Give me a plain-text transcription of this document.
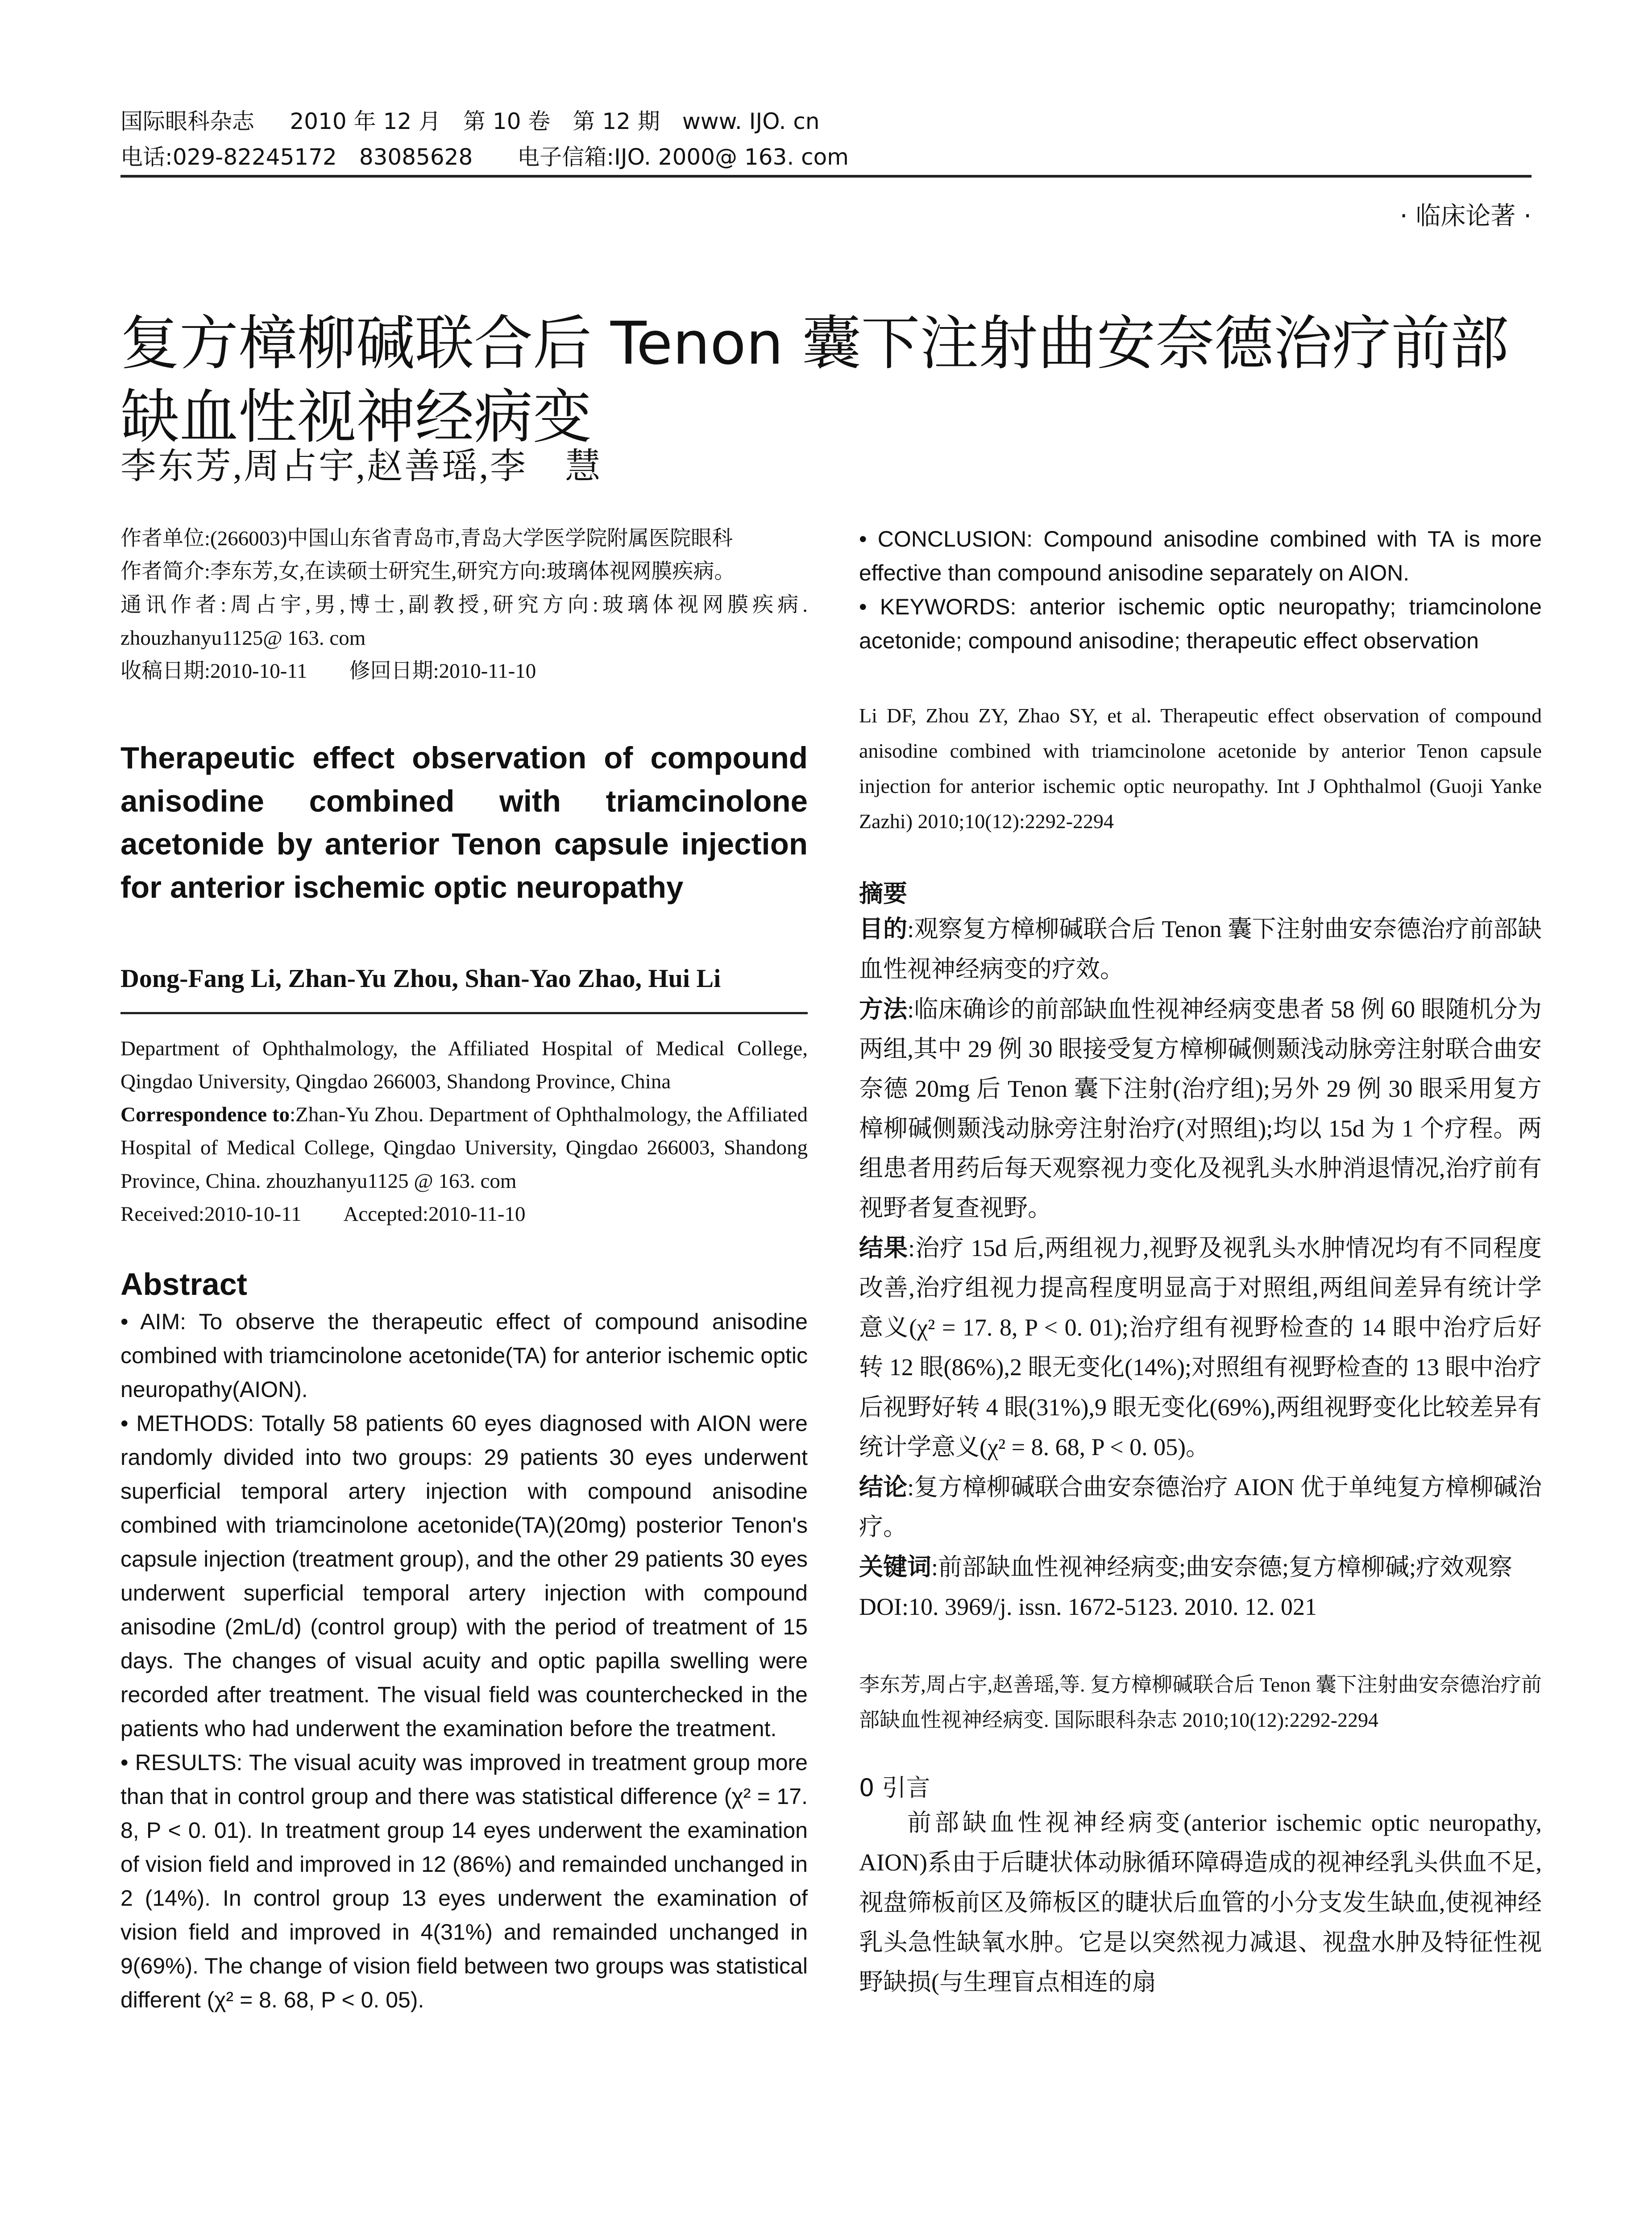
国际眼科杂志 2010 年 12 月　第 10 卷　第 12 期　www. IJO. cn
电话:029-82245172　83085628　　电子信箱:IJO. 2000@ 163. com
· 临床论著 ·
复方樟柳碱联合后 Tenon 囊下注射曲安奈德治疗前部缺血性视神经病变
李东芳,周占宇,赵善瑶,李　慧

作者单位:(266003)中国山东省青岛市,青岛大学医学院附属医院眼科

作者简介:李东芳,女,在读硕士研究生,研究方向:玻璃体视网膜疾病。

通讯作者:周占宇,男,博士,副教授,研究方向:玻璃体视网膜疾病. zhouzhanyu1125@ 163. com

收稿日期:2010-10-11　　修回日期:2010-11-10

Therapeutic effect observation of compound anisodine combined with triamcinolone acetonide by anterior Tenon capsule injection for anterior ischemic optic neuropathy

Dong-Fang Li, Zhan-Yu Zhou, Shan-Yao Zhao, Hui Li

Department of Ophthalmology, the Affiliated Hospital of Medical College, Qingdao University, Qingdao 266003, Shandong Province, China

Correspondence to:Zhan-Yu Zhou. Department of Ophthalmology, the Affiliated Hospital of Medical College, Qingdao University, Qingdao 266003, Shandong Province, China. zhouzhanyu1125 @ 163. com

Received:2010-10-11　　Accepted:2010-11-10

Abstract

• AIM: To observe the therapeutic effect of compound anisodine combined with triamcinolone acetonide(TA) for anterior ischemic optic neuropathy(AION).

• METHODS: Totally 58 patients 60 eyes diagnosed with AION were randomly divided into two groups: 29 patients 30 eyes underwent superficial temporal artery injection with compound anisodine combined with triamcinolone acetonide(TA)(20mg) posterior Tenon's capsule injection (treatment group), and the other 29 patients 30 eyes underwent superficial temporal artery injection with compound anisodine (2mL/d) (control group) with the period of treatment of 15 days. The changes of visual acuity and optic papilla swelling were recorded after treatment. The visual field was counterchecked in the patients who had underwent the examination before the treatment.

• RESULTS: The visual acuity was improved in treatment group more than that in control group and there was statistical difference (χ² = 17. 8, P < 0. 01). In treatment group 14 eyes underwent the examination of vision field and improved in 12 (86%) and remainded unchanged in 2 (14%). In control group 13 eyes underwent the examination of vision field and improved in 4(31%) and remainded unchanged in 9(69%). The change of vision field between two groups was statistical different (χ² = 8. 68, P < 0. 05).

• CONCLUSION: Compound anisodine combined with TA is more effective than compound anisodine separately on AION.

• KEYWORDS: anterior ischemic optic neuropathy; triamcinolone acetonide; compound anisodine; therapeutic effect observation

Li DF, Zhou ZY, Zhao SY, et al. Therapeutic effect observation of compound anisodine combined with triamcinolone acetonide by anterior Tenon capsule injection for anterior ischemic optic neuropathy. Int J Ophthalmol (Guoji Yanke Zazhi) 2010;10(12):2292-2294

摘要

目的:观察复方樟柳碱联合后 Tenon 囊下注射曲安奈德治疗前部缺血性视神经病变的疗效。

方法:临床确诊的前部缺血性视神经病变患者 58 例 60 眼随机分为两组,其中 29 例 30 眼接受复方樟柳碱侧颞浅动脉旁注射联合曲安奈德 20mg 后 Tenon 囊下注射(治疗组);另外 29 例 30 眼采用复方樟柳碱侧颞浅动脉旁注射治疗(对照组);均以 15d 为 1 个疗程。两组患者用药后每天观察视力变化及视乳头水肿消退情况,治疗前有视野者复查视野。

结果:治疗 15d 后,两组视力,视野及视乳头水肿情况均有不同程度改善,治疗组视力提高程度明显高于对照组,两组间差异有统计学意义(χ² = 17. 8, P < 0. 01);治疗组有视野检查的 14 眼中治疗后好转 12 眼(86%),2 眼无变化(14%);对照组有视野检查的 13 眼中治疗后视野好转 4 眼(31%),9 眼无变化(69%),两组视野变化比较差异有统计学意义(χ² = 8. 68, P < 0. 05)。

结论:复方樟柳碱联合曲安奈德治疗 AION 优于单纯复方樟柳碱治疗。

关键词:前部缺血性视神经病变;曲安奈德;复方樟柳碱;疗效观察

DOI:10. 3969/j. issn. 1672-5123. 2010. 12. 021

李东芳,周占宇,赵善瑶,等. 复方樟柳碱联合后 Tenon 囊下注射曲安奈德治疗前部缺血性视神经病变. 国际眼科杂志 2010;10(12):2292-2294

0 引言

前部缺血性视神经病变(anterior ischemic optic neuropathy, AION)系由于后睫状体动脉循环障碍造成的视神经乳头供血不足,视盘筛板前区及筛板区的睫状后血管的小分支发生缺血,使视神经乳头急性缺氧水肿。它是以突然视力减退、视盘水肿及特征性视野缺损(与生理盲点相连的扇
